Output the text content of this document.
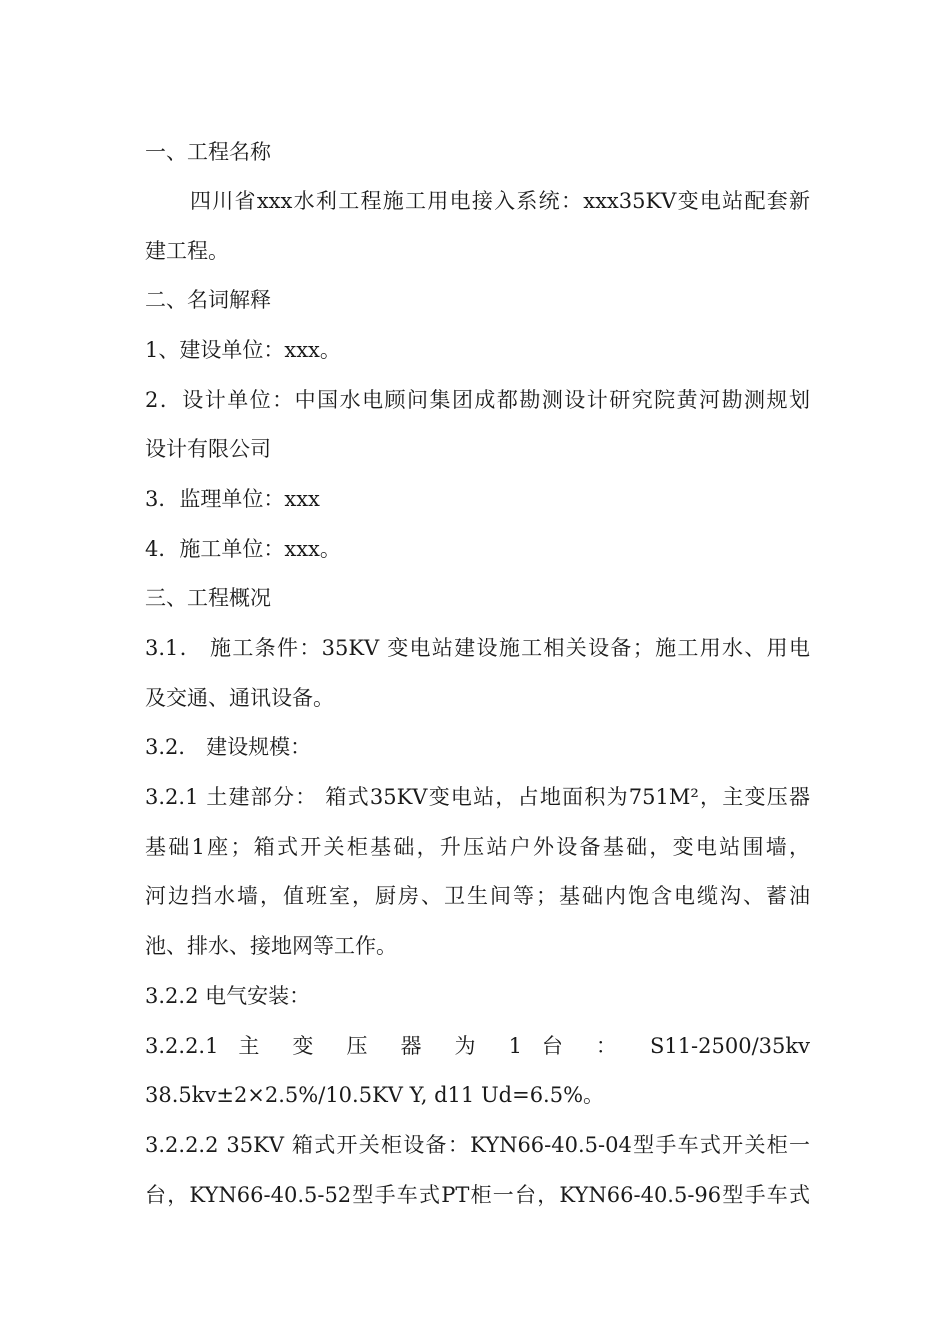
一、工程名称
四川省xxx水利工程施工用电接入系统：xxx35KV变电站配套新
建工程。
二、名词解释
1、建设单位：xxx。
2．设计单位：中国水电顾问集团成都勘测设计研究院黄河勘测规划
设计有限公司
3．监理单位：xxx
4．施工单位：xxx。
三、工程概况
3.1． 施工条件：35KV 变电站建设施工相关设备；施工用水、用电
及交通、通讯设备。
3.2． 建设规模：
3.2.1 土建部分： 箱式35KV变电站，占地面积为751M²，主变压器
基础1座；箱式开关柜基础，升压站户外设备基础，变电站围墙，
河边挡水墙，值班室，厨房、卫生间等；基础内饱含电缆沟、蓄油
池、排水、接地网等工作。
3.2.2 电气安装：
3.2.2.1 主 变 压 器 为 1 台 ： S11-2500/35kv
38.5kv±2×2.5%/10.5KV Y, d11 Ud=6.5%。
3.2.2.2 35KV 箱式开关柜设备：KYN66-40.5-04型手车式开关柜一
台，KYN66-40.5-52型手车式PT柜一台，KYN66-40.5-96型手车式
